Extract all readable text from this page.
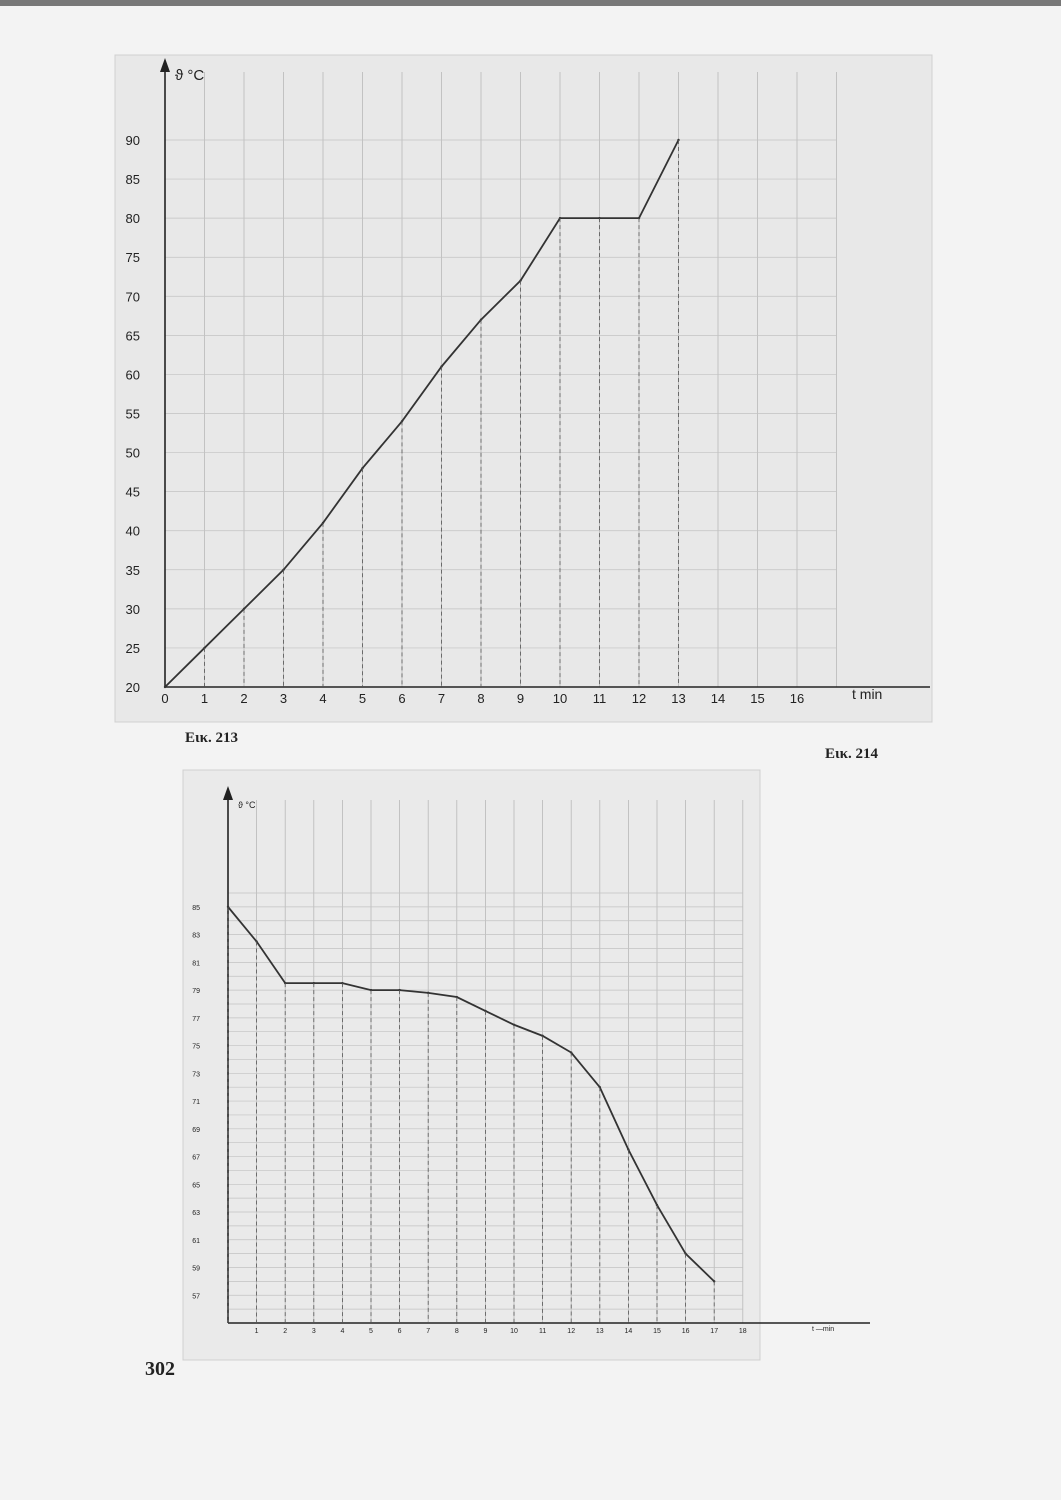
ϑ °C
t min
0 1 2 3 4 5 6 7 8 9 10 11 12 13 14 15 16
20
25
30
35
40
45
50
55
60
65
70
75
80
85
90
ϑ °C
t —min
1	2	3	4	5	6	7	8	9	10	11	12	13	14	15	16	17	18
57
59
61
63
65
67
69
71
73
75
77
79
81
83
85
Εικ. 213
Εικ. 214
302
